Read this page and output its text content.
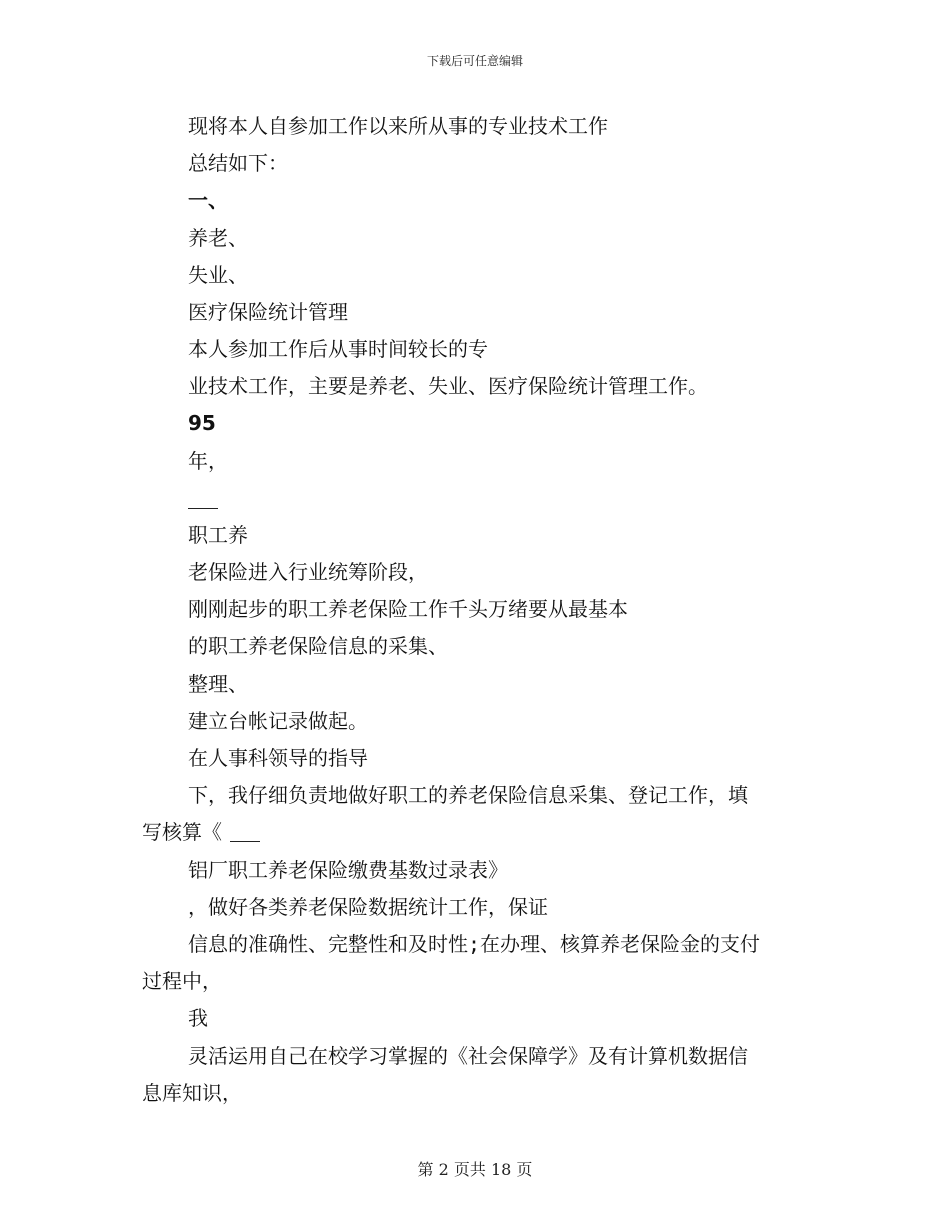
下载后可任意编辑
现将本人自参加工作以来所从事的专业技术工作
总结如下：
一、
养老、
失业、
医疗保险统计管理
本人参加工作后从事时间较长的专
业技术工作，主要是养老、失业、医疗保险统计管理工作。
95
年，
职工养
老保险进入行业统筹阶段，
刚刚起步的职工养老保险工作千头万绪要从最基本
的职工养老保险信息的采集、
整理、
建立台帐记录做起。
在人事科领导的指导
下，我仔细负责地做好职工的养老保险信息采集、登记工作，填
写核算《
铝厂职工养老保险缴费基数过录表》
，做好各类养老保险数据统计工作，保证
信息的准确性、完整性和及时性;在办理、核算养老保险金的支付
过程中，
我
灵活运用自己在校学习掌握的《社会保障学》及有计算机数据信
息库知识，
第 2 页共 18 页
